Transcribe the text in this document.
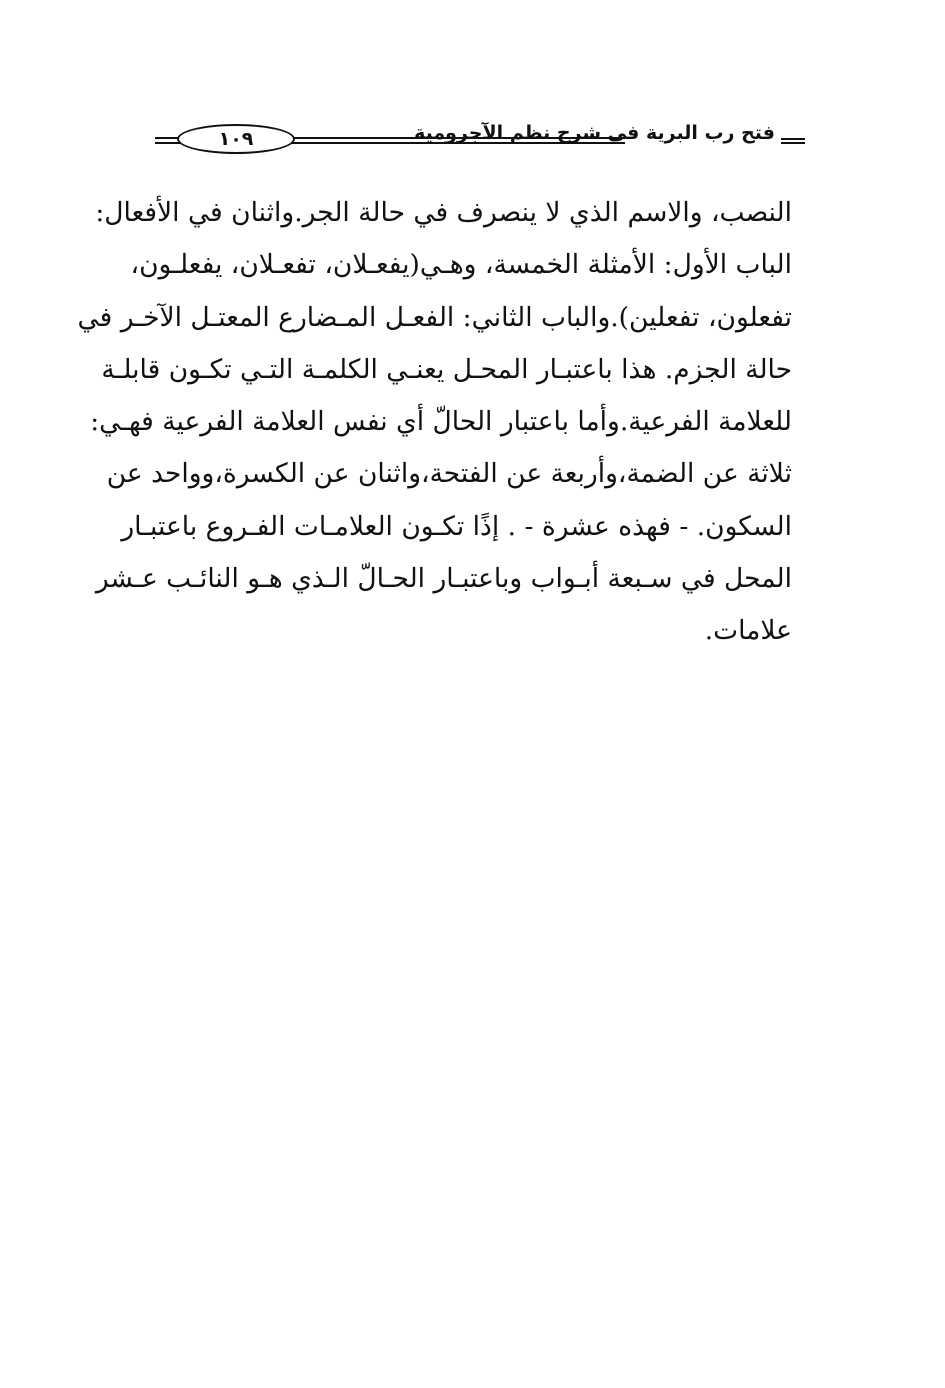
فتح رب البرية في شرح نظم الآجرومية
١٠٩
النصب، والاسم الذي لا ينصرف في حالة الجر.واثنان في الأفعال:
الباب الأول: الأمثلة الخمسة، وهـي(يفعـلان، تفعـلان، يفعلـون،
تفعلون، تفعلين).والباب الثاني: الفعـل المـضارع المعتـل الآخـر في
حالة الجزم. هذا باعتبـار المحـل يعنـي الكلمـة التـي تكـون قابلـة
للعلامة الفرعية.وأما باعتبار الحالّ أي نفس العلامة الفرعية فهـي:
ثلاثة عن الضمة،وأربعة عن الفتحة،واثنان عن الكسرة،وواحد عن
السكون. - فهذه عشرة - . إذًا تكـون العلامـات الفـروع باعتبـار
المحل في سـبعة أبـواب وباعتبـار الحـالّ الـذي هـو النائـب عـشر
علامات.
